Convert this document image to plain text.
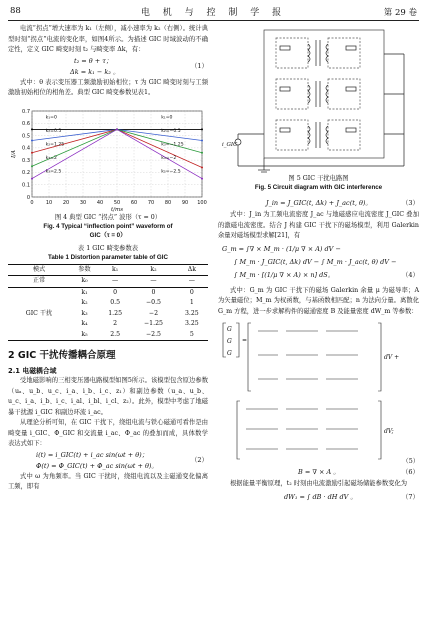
88	电 机 与 控 制 学 报	第 29 卷

电流“拐点”增大速率为 k₁（左侧），减小速率为 k₂（右侧）。统计典型时刻“拐点”电流的变化率，如图4所示。为描述 GIC 时域波动的不确定性，定义 GIC 畸变时刻 t₂ 与畸变率 Δk，有：

t₂ = θ + τ；
Δk = k₁ − k₂ 。
（1）

式中：θ 表示变压器工频激励初始相位；τ 为 GIC 畸变时刻与工频激励初始相位的相角差。典型 GIC 畸变参数见表1。

0
0.1
0.2
0.3
0.4
0.5
0.6
0.7
0 10 20 30 40 50 60 70 80 90 100
t/ms
I/A
k₁=0
k₂=0.5
k₂=1.25
k₃=2
k₃=2.5
k₁=0
k₂=−0.5
k₃=−1.25
k₄=−2
k₅=−2.5
图 4 典型 GIC “拐点” 波形（τ = 0）
Fig. 4 Typical “inflection point” waveform of
GIC（τ = 0）
表 1 GIC 畸变参数表
Table 1 Distortion parameter table of GIC
模式	参数	k₁	k₂	Δk
正常	k₀	—	—	—
	k₁	0	0	0
	k₂	0.5	−0.5	1
GIC 干扰	k₃	1.25	−2	3.25
	k₄	2	−1.25	3.25
	k₅	2.5	−2.5	5
2 GIC 干扰传播耦合原理
2.1 电磁耦合域

受地磁影响的三相变压器电路模型如图5所示。该模型包含原边参数（uₐ、u_b、u_c、i_a、i_b、i_c、z₁）和副边参数（u_a、u_b、u_c、i_a、i_b、i_c、i_al、i_bl、i_cl、z₂）。此外，模型中考虑了地磁暴干扰源 i_GIC 和副边环流 i_ac。

从理论分析可知，在 GIC 干扰下，绕组电流与铁心磁通可看作是由畸变量 i_GIC、Φ_GIC 和交流量 i_ac、Φ_ac 的叠加而成，具体数学表达式如下：

i(t) = i_GIC(t) + i_ac sin(ωt + θ)；
Φ(t) = Φ_GIC(t) + Φ_ac sin(ωt + θ)。
（2）

式中 ω 为角频率。当 GIC 干扰时，绕组电流以及主磁通变化偏离工频，即有

i_GIC
图 5 GIC 干扰电路图
Fig. 5 Circuit diagram with GIC interference
J_in = J_GIC(t, Δk) + J_ac(t, θ)。	（3）

式中：J_in 为工频电流密度 J_ac 与地磁感应电流密度 J_GIC 叠加的激磁电流密度。结合 J 构建 GIC 干扰下的磁场模型，利用 Galerkin 余量对磁场模型求解[21]，有

G_m = ∫∇ × M_m · (1/μ ∇ × A) dV −
∫ M_m · J_GIC(t, Δk) dV − ∫ M_m · J_ac(t, θ) dV −
∫ M_m · [(1/μ ∇ × A) × n] dS。	（4）

式中：G_m 为 GIC 干扰下的磁场 Galerkin 余量 μ 为磁导率；A 为矢量磁位；M_m 为权函数，与基函数相匹配；n 为法向分量。离散化 G_m 方程，进一步求解构件的磁通密度 B 及能量密度 dW_m 等参数：

G
G
G
=
dV +
dV;
（5）
B = ∇ × A 。	（6）

根据能量平衡原理，t₂ 时刻由电流激励引起磁场储能参数变化为

dW₁ = ∫ dB · dH dV 。	（7）
